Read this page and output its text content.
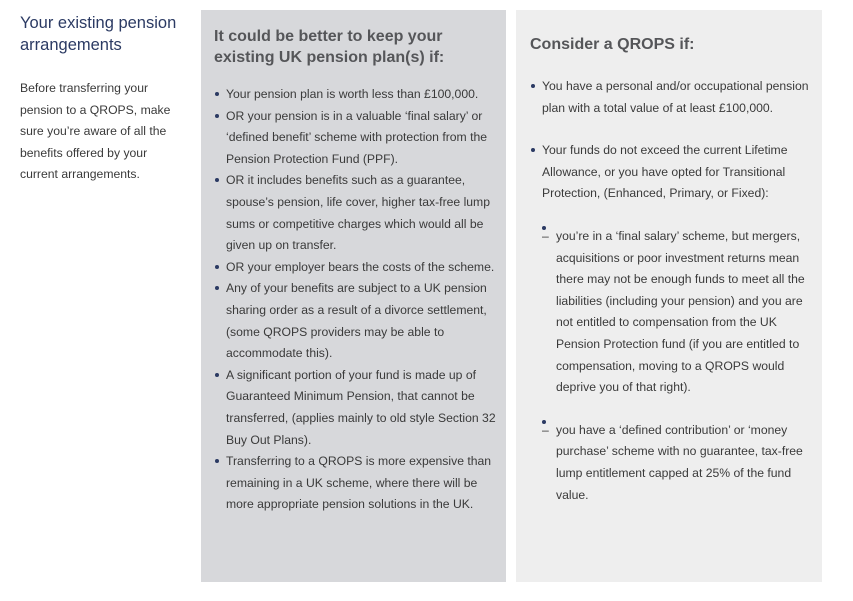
Your existing pension arrangements

Before transferring your pension to a QROPS, make sure you’re aware of all the benefits offered by your current arrangements.

It could be better to keep your existing UK pension plan(s) if:
Your pension plan is worth less than £100,000.
OR your pension is in a valuable ‘final salary’ or ‘defined benefit’ scheme with protection from the Pension Protection Fund (PPF).
OR it includes benefits such as a guarantee, spouse’s pension, life cover, higher tax-free lump sums or competitive charges which would all be given up on transfer.
OR your employer bears the costs of the scheme.
Any of your benefits are subject to a UK pension sharing order as a result of a divorce settlement, (some QROPS providers may be able to accommodate this).
A significant portion of your fund is made up of Guaranteed Minimum Pension, that cannot be transferred, (applies mainly to old style Section 32 Buy Out Plans).
Transferring to a QROPS is more expensive than remaining in a UK scheme, where there will be more appropriate pension solutions in the UK.
Consider a QROPS if:
You have a personal and/or occupational pension plan with a total value of at least £100,000.
Your funds do not exceed the current Lifetime Allowance, or you have opted for Transitional Protection, (Enhanced, Primary, or Fixed):
– you’re in a ‘final salary’ scheme, but mergers, acquisitions or poor investment returns mean there may not be enough funds to meet all the liabilities (including your pension) and you are not entitled to compensation from the UK Pension Protection fund (if you are entitled to compensation, moving to a QROPS would deprive you of that right).
– you have a ‘defined contribution’ or ‘money purchase’ scheme with no guarantee, tax-free lump entitlement capped at 25% of the fund value.
